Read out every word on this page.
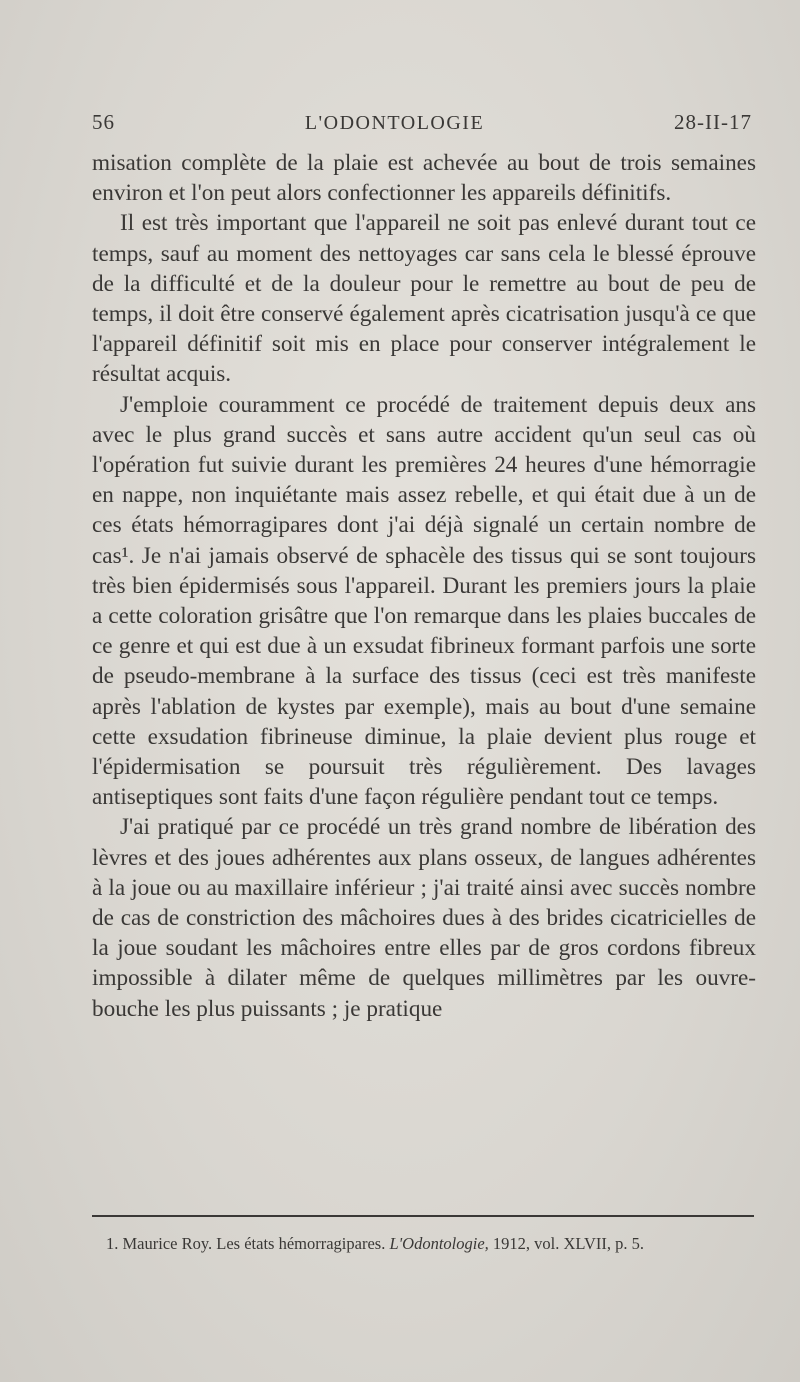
56	L'ODONTOLOGIE	28-II-17

misation complète de la plaie est achevée au bout de trois semaines environ et l'on peut alors confectionner les appareils définitifs.

Il est très important que l'appareil ne soit pas enlevé durant tout ce temps, sauf au moment des nettoyages car sans cela le blessé éprouve de la difficulté et de la douleur pour le remettre au bout de peu de temps, il doit être conservé également après cicatrisation jusqu'à ce que l'appareil définitif soit mis en place pour conserver intégralement le résultat acquis.

J'emploie couramment ce procédé de traitement depuis deux ans avec le plus grand succès et sans autre accident qu'un seul cas où l'opération fut suivie durant les premières 24 heures d'une hémorragie en nappe, non inquiétante mais assez rebelle, et qui était due à un de ces états hémorragipares dont j'ai déjà signalé un certain nombre de cas¹. Je n'ai jamais observé de sphacèle des tissus qui se sont toujours très bien épidermisés sous l'appareil. Durant les premiers jours la plaie a cette coloration grisâtre que l'on remarque dans les plaies buccales de ce genre et qui est due à un exsudat fibrineux formant parfois une sorte de pseudo-membrane à la surface des tissus (ceci est très manifeste après l'ablation de kystes par exemple), mais au bout d'une semaine cette exsudation fibrineuse diminue, la plaie devient plus rouge et l'épidermisation se poursuit très régulièrement. Des lavages antiseptiques sont faits d'une façon régulière pendant tout ce temps.

J'ai pratiqué par ce procédé un très grand nombre de libération des lèvres et des joues adhérentes aux plans osseux, de langues adhérentes à la joue ou au maxillaire inférieur ; j'ai traité ainsi avec succès nombre de cas de constriction des mâchoires dues à des brides cicatricielles de la joue soudant les mâchoires entre elles par de gros cordons fibreux impossible à dilater même de quelques millimètres par les ouvre-bouche les plus puissants ; je pratique

1. Maurice Roy. Les états hémorragipares. L'Odontologie, 1912, vol. XLVII, p. 5.
